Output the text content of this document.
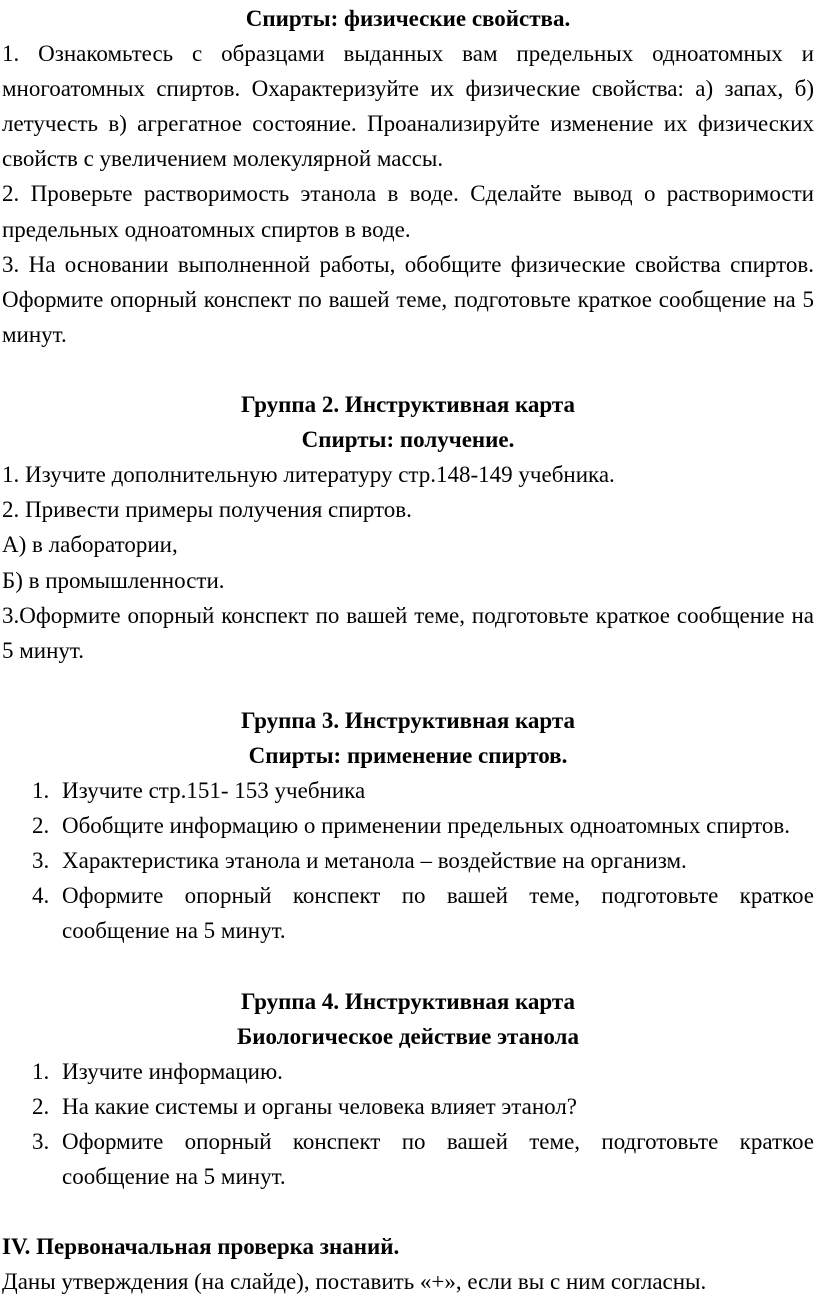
Спирты: физические свойства.

1. Ознакомьтесь с образцами выданных вам предельных одноатомных и многоатомных спиртов. Охарактеризуйте их физические свойства: а) запах, б) летучесть в) агрегатное состояние. Проанализируйте изменение их физических свойств с увеличением молекулярной массы.

2. Проверьте растворимость этанола в воде. Сделайте вывод о растворимости предельных одноатомных спиртов в воде.

3. На основании выполненной работы, обобщите физические свойства спиртов. Оформите опорный конспект по вашей теме, подготовьте краткое сообщение на 5 минут.

Группа 2. Инструктивная карта
Спирты: получение.

1. Изучите дополнительную литературу стр.148-149 учебника.

2. Привести примеры получения спиртов.

А) в лаборатории,

Б) в промышленности.

3.Оформите опорный конспект по вашей теме, подготовьте краткое сообщение на 5 минут.

Группа 3. Инструктивная карта
Спирты: применение спиртов.
1. Изучите стр.151- 153 учебника
2. Обобщите информацию о применении предельных одноатомных спиртов.
3. Характеристика этанола и метанола – воздействие на организм.
4. Оформите опорный конспект по вашей теме, подготовьте краткое сообщение на 5 минут.
Группа 4. Инструктивная карта
Биологическое действие этанола
1. Изучите информацию.
2. На какие системы и органы человека влияет этанол?
3. Оформите опорный конспект по вашей теме, подготовьте краткое сообщение на 5 минут.

IV. Первоначальная проверка знаний.

Даны утверждения (на слайде), поставить «+», если вы с ним согласны.
